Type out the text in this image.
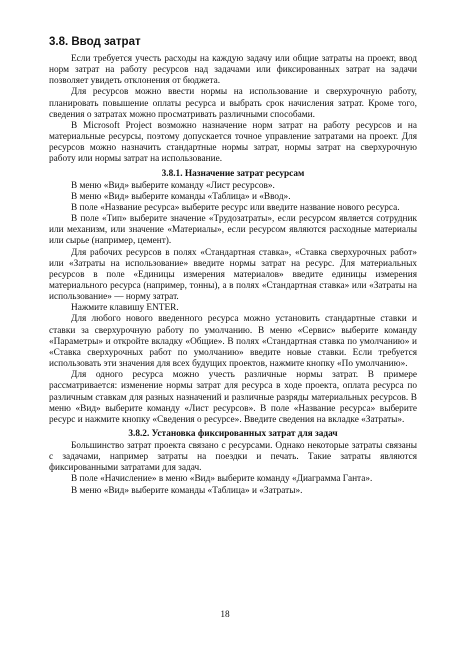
3.8. Ввод затрат

Если требуется учесть расходы на каждую задачу или общие затраты на проект, ввод норм затрат на работу ресурсов над задачами или фиксированных затрат на задачи позволяет увидеть отклонения от бюджета.

Для ресурсов можно ввести нормы на использование и сверхурочную работу, планировать повышение оплаты ресурса и выбрать срок начисления затрат. Кроме того, сведения о затратах можно просматривать различными способами.

В Microsoft Project возможно назначение норм затрат на работу ресурсов и на материальные ресурсы, поэтому допускается точное управление затратами на проект. Для ресурсов можно назначить стандартные нормы затрат, нормы затрат на сверхурочную работу или нормы затрат на использование.

3.8.1. Назначение затрат ресурсам

В меню «Вид» выберите команду «Лист ресурсов».

В меню «Вид» выберите команды «Таблица» и «Ввод».

В поле «Название ресурса» выберите ресурс или введите название нового ресурса.

В поле «Тип» выберите значение «Трудозатраты», если ресурсом является сотрудник или механизм, или значение «Материалы», если ресурсом являются расходные материалы или сырье (например, цемент).

Для рабочих ресурсов в полях «Стандартная ставка», «Ставка сверхурочных работ» или «Затраты на использование» введите нормы затрат на ресурс. Для материальных ресурсов в поле «Единицы измерения материалов» введите единицы измерения материального ресурса (например, тонны), а в полях «Стандартная ставка» или «Затраты на использование» — норму затрат.

Нажмите клавишу ENTER.

Для любого нового введенного ресурса можно установить стандартные ставки и ставки за сверхурочную работу по умолчанию. В меню «Сервис» выберите команду «Параметры» и откройте вкладку «Общие». В полях «Стандартная ставка по умолчанию» и «Ставка сверхурочных работ по умолчанию» введите новые ставки. Если требуется использовать эти значения для всех будущих проектов, нажмите кнопку «По умолчанию».

Для одного ресурса можно учесть различные нормы затрат. В примере рассматривается: изменение нормы затрат для ресурса в ходе проекта, оплата ресурса по различным ставкам для разных назначений и различные разряды материальных ресурсов. В меню «Вид» выберите команду «Лист ресурсов». В поле «Название ресурса» выберите ресурс и нажмите кнопку «Сведения о ресурсе». Введите сведения на вкладке «Затраты».

3.8.2. Установка фиксированных затрат для задач

Большинство затрат проекта связано с ресурсами. Однако некоторые затраты связаны с задачами, например затраты на поездки и печать. Такие затраты являются фиксированными затратами для задач.

В поле «Начисление» в меню «Вид» выберите команду «Диаграмма Ганта».

В меню «Вид» выберите команды «Таблица» и «Затраты».

18
